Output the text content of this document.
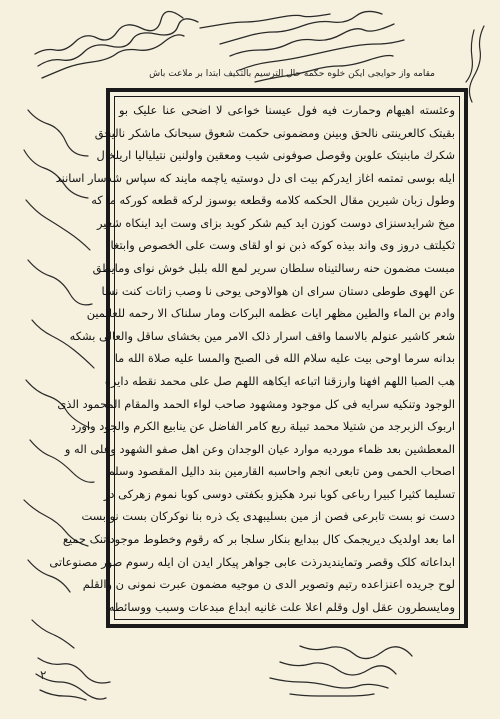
مقامه واز حوایجی ایکن خلوه حکمه حال الترسیم بالتکیف ابتدا بر ملاعت باش
وعثسته اهیهام وحمارت فیه فول عیسنا خواعی لا اضحی عنا علیک بو
بقیتک کالعرینتی نالحق وبینن ومضمونی حکمت شعوق سبحانک ماشکر نالیحق
شکرك مابنیتک علوین وقوصل صوفونی شیب ومعقین واولنین نتیلیالیا اریلخال
ایله بوسی تمتمه اغاز ایدرکم بیت ای دل دوستیه یاچمه مایند که سپاس شدسار اسانند
وطول زبان شیرین مقال الحکمه کلامه وقطعه بوسوز لرکه قطعه کورکه ما که
میخ شرایدسنزای دوست کوزن اید کیم شکر کوید بزای وست اید اینکاه شغیر
ثکیلتف دروز وی واند بیذه کوکه ذبن نو او لقای وست علی الخصوص وابتغا
مبست مضمون حنه رسالتیناه سلطان سریر لمع الله بلبل خوش نوای ومایطق
عن الهوی طوطی دستان سرای ان هوالاوحی یوحی نا وصب زاتات کنت نسا
وادم بن الماء والطین مظهر ایات عظمه البرکات ومار سلناک الا رحمه للعالمین
شعر کاشیر عنولم بالاسما واقف اسرار ذلک الامر مین بخشای ساقل والعالی بشکه
بدانه سرما اوحی بیت علیه سلام الله فی الصبح والمسا علیه صلاة الله ما
هب الصبا اللهم افهنا وارزقنا اتباعه ایکاهه اللهم صل علی محمد نقطه دایره
الوجود وتنکیه سرایه فی کل موجود ومشهود صاحب لواء الحمد والمقام المحمود الذی
اربوک الزبرجد من شتیلا محمد تبیلة ربع کامر الفاضل عن ینابیع الکرم والجود واورد
المعطشین بعد ظماء موردیه موارد عیان الوجدان وعن اهل صفو الشهود وعلی اله و
اصحاب الحمی ومن تابعی انجم واحاسبه القارمین بند دالیل المقصود وسلم
تسلیما کثیرا کبیرا رباعی کوبا نبرد هکیزو بکفتی دوسی کوبا نموم زهرکی در
دست نو بست تابرعی فصن از مین بسلیبهدی یک ذره بنا نوکرکان بست نو بست
اما بعد اولدیک دیریجمک کال ببدایع بنکار سلجا بر که رقوم وخطوط موجوداتنک جمیع
ابداعاته کلک وقصر وتمایندیدرذت عابی جواهر پیکار ایدن ان ایله رسوم صور مصنوعاتی
لوح جریده اعنزاعده رتیم وتصویر الدی ن موجیه مضمون عبرت نمونی ن والقلم
ومایسطرون عقل اول وقلم اعلا علت غانیه ابداع مبدعات وسبب ووسائطه
۲
